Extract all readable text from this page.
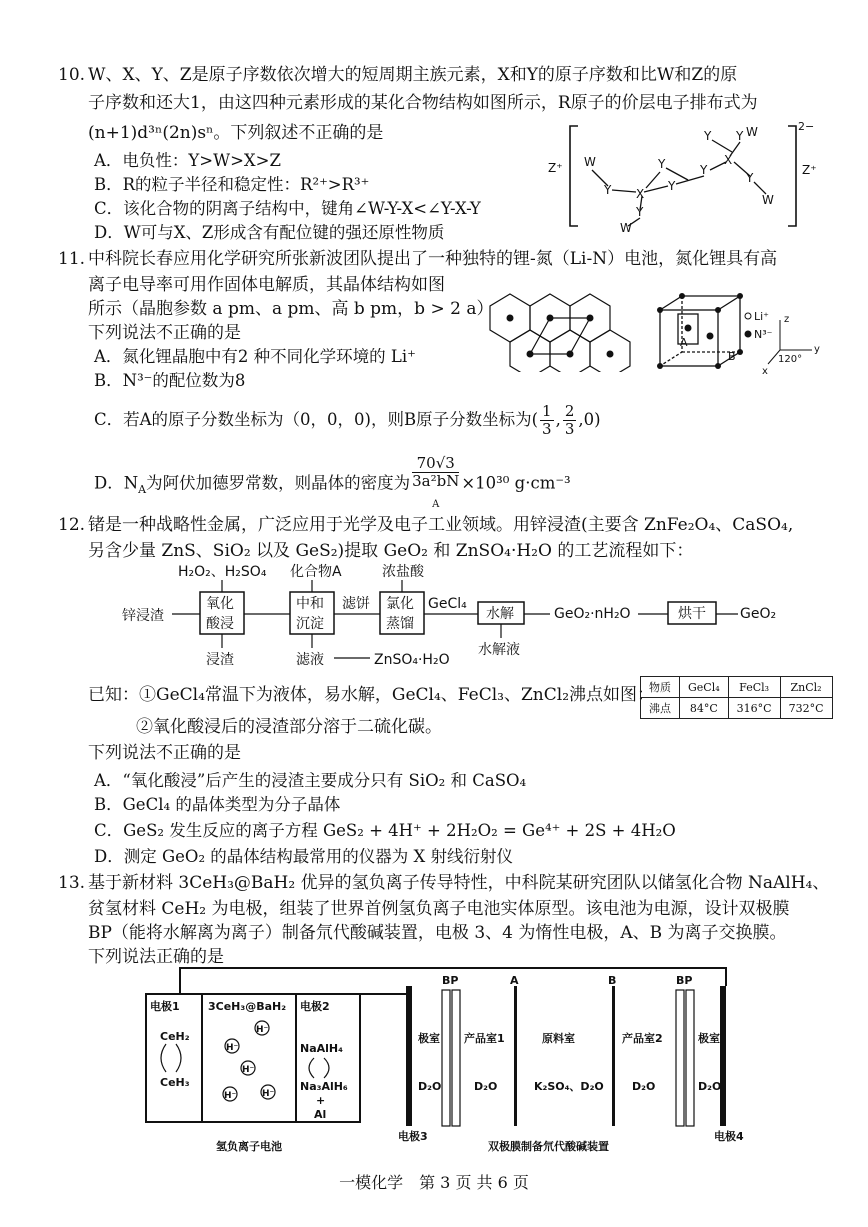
10. W、X、Y、Z是原子序数依次增大的短周期主族元素，X和Y的原子序数和比W和Z的原
子序数和还大1，由这四种元素形成的某化合物结构如图所示，R原子的价层电子排布式为
(n+1)d³ⁿ(2n)sⁿ。下列叙述不正确的是
A．电负性：Y>W>X>Z
B．R的粒子半径和稳定性：R²⁺>R³⁺
C．该化合物的阴离子结构中，键角∠W-Y-X<∠Y-X-Y
D．W可与X、Z形成含有配位键的强还原性物质
Z⁺ W
Y X
Y
W
Y
Y
Y
X
Y W
Y
Y
W
2−
Z⁺
11. 中科院长春应用化学研究所张新波团队提出了一种独特的锂-氮（Li-N）电池，氮化锂具有高
离子电导率可用作固体电解质，其晶体结构如图
所示（晶胞参数 a pm、a pm、高 b pm，b > 2 a）
下列说法不正确的是
A．氮化锂晶胞中有2 种不同化学环境的 Li⁺
B．N³⁻的配位数为8
C．若A的原子分数坐标为（0，0，0)，则B原子分数坐标为( $\frac{1}{3}$ , $\frac{2}{3} ,0$)
D．$N_A$为阿伏加德罗常数，则晶体的密度为 70√3
3a²bN
$_A$ ×10³⁰ g·cm⁻³
Li⁺
N³⁻
A
B
z
y
x
120°
12. 锗是一种战略性金属，广泛应用于光学及电子工业领域。用锌浸渣(主要含 ZnFe₂O₄、CaSO₄,
另含少量 ZnS、SiO₂ 以及 GeS₂)提取 GeO₂ 和 ZnSO₄·H₂O 的工艺流程如下：
H₂O₂、H₂SO₄ 化合物A	浓盐酸
锌浸渣
氧化
酸浸
中和
沉淀
滤饼 氯化
蒸馏
GeCl₄
水解	GeO₂·nH₂O	烘干 GeO₂
浸渣	滤液	ZnSO₄·H₂O
水解液
已知：①GeCl₄常温下为液体，易水解，GeCl₄、FeCl₃、ZnCl₂沸点如图：
物质	GeCl₄	FeCl₃	ZnCl₂
沸点	84°C	316°C	732°C
②氧化酸浸后的浸渣部分溶于二硫化碳。
下列说法不正确的是
A．“氧化酸浸”后产生的浸渣主要成分只有 SiO₂ 和 CaSO₄
B．GeCl₄ 的晶体类型为分子晶体
C．GeS₂ 发生反应的离子方程 GeS₂ + 4H⁺ + 2H₂O₂ = Ge⁴⁺ + 2S + 4H₂O
D．测定 GeO₂ 的晶体结构最常用的仪器为 X 射线衍射仪
13. 基于新材料 3CeH₃@BaH₂ 优异的氢负离子传导特性，中科院某研究团队以储氢化合物 NaAlH₄、
贫氢材料 CeH₂ 为电极，组装了世界首例氢负离子电池实体原型。该电池为电源，设计双极膜
BP（能将水解离为离子）制备氘代酸碱装置，电极 3、4 为惰性电极，A、B 为离子交换膜。
下列说法正确的是
电极1	3CeH₃@BaH₂ 电极2
CeH₂
CeH₃
H⁻
H⁻
H⁻
H⁻	H⁻
NaAlH₄
Na₃AlH₆
+
Al
氢负离子电池
BP	A	B	BP
极室 产品室1	原料室	产品室2	极室
D₂O	D₂O	K₂SO₄、D₂O	D₂O	D₂O
电极3	电极4
双极膜制备氘代酸碱装置
一模化学　第 3 页 共 6 页
